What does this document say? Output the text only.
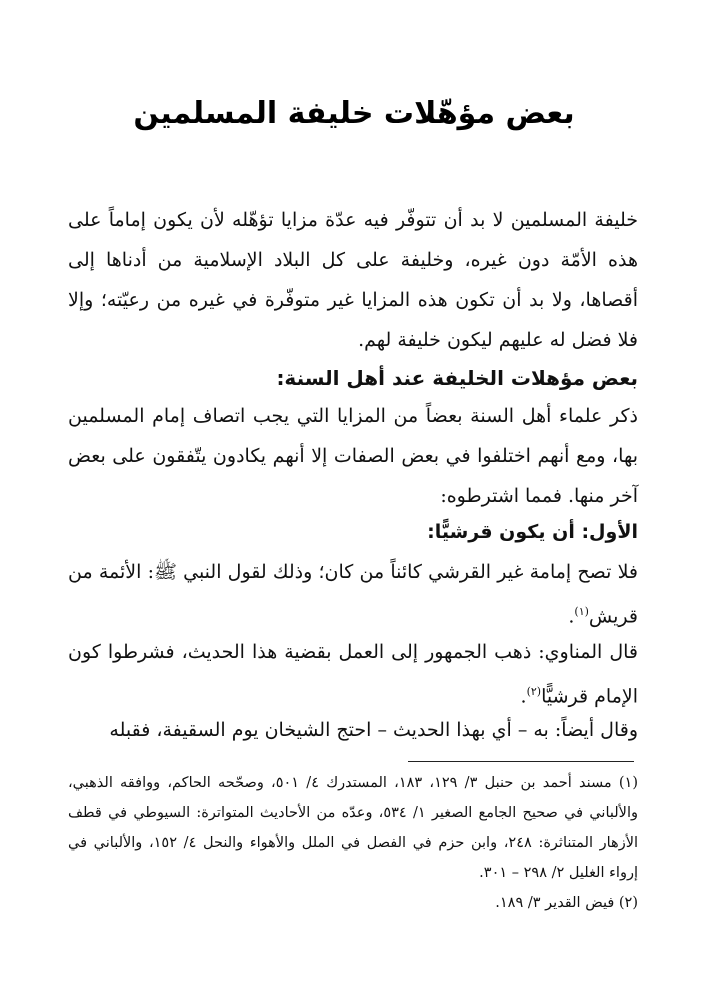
بعض مؤهّلات خليفة المسلمين
خليفة المسلمين لا بد أن تتوفّر فيه عدّة مزايا تؤهّله لأن يكون إماماً على هذه الأمّة دون غيره، وخليفة على كل البلاد الإسلامية من أدناها إلى أقصاها، ولا بد أن تكون هذه المزايا غير متوفّرة في غيره من رعيّته؛ وإلا فلا فضل له عليهم ليكون خليفة لهم.
بعض مؤهلات الخليفة عند أهل السنة:
ذكر علماء أهل السنة بعضاً من المزايا التي يجب اتصاف إمام المسلمين بها، ومع أنهم اختلفوا في بعض الصفات إلا أنهم يكادون يتّفقون على بعض آخر منها. فمما اشترطوه:
الأول: أن يكون قرشيًّا:
فلا تصح إمامة غير القرشي كائناً من كان؛ وذلك لقول النبي ﷺ: الأئمة من قريش$^{(١)}$.
قال المناوي: ذهب الجمهور إلى العمل بقضية هذا الحديث، فشرطوا كون الإمام قرشيًّا$^{(٢)}$.
وقال أيضاً: به – أي بهذا الحديث – احتج الشيخان يوم السقيفة، فقبله

(١) مسند أحمد بن حنبل ٣/ ١٢٩، ١٨٣، المستدرك ٤/ ٥٠١، وصحّحه الحاكم، ووافقه الذهبي، والألباني في صحيح الجامع الصغير ١/ ٥٣٤، وعدّه من الأحاديث المتواترة: السيوطي في قطف الأزهار المتناثرة: ٢٤٨، وابن حزم في الفصل في الملل والأهواء والنحل ٤/ ١٥٢، والألباني في إرواء الغليل ٢/ ٢٩٨ – ٣٠١.

(٢) فيض القدير ٣/ ١٨٩.
